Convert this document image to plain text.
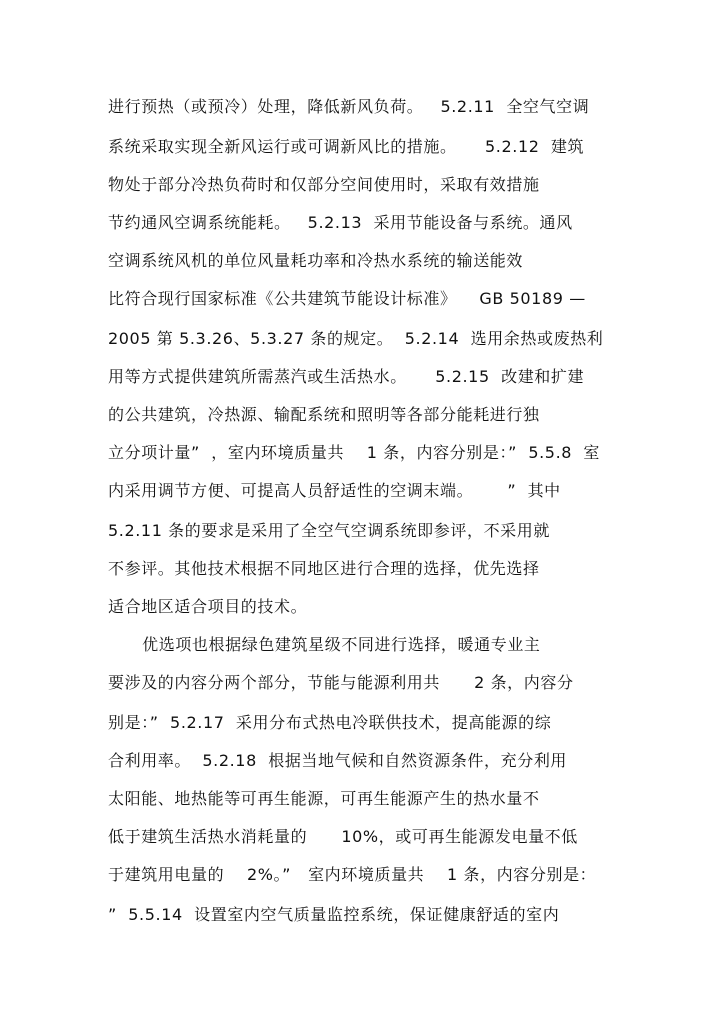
进行预热（或预冷）处理，降低新风负荷。   5.2.11  全空气空调
系统采取实现全新风运行或可调新风比的措施。     5.2.12  建筑
物处于部分冷热负荷时和仅部分空间使用时，采取有效措施
节约通风空调系统能耗。   5.2.13  采用节能设备与系统。通风
空调系统风机的单位风量耗功率和冷热水系统的输送能效
比符合现行国家标准《公共建筑节能设计标准》    GB 50189 —
2005 第 5.3.26、5.3.27 条的规定。  5.2.14  选用余热或废热利
用等方式提供建筑所需蒸汽或生活热水。     5.2.15  改建和扩建
的公共建筑，冷热源、输配系统和照明等各部分能耗进行独
立分项计量”  ，室内环境质量共    1 条，内容分别是：”  5.5.8  室
内采用调节方便、可提高人员舒适性的空调末端。      ”  其中
5.2.11 条的要求是采用了全空气空调系统即参评，不采用就
不参评。其他技术根据不同地区进行合理的选择，优先选择
适合地区适合项目的技术。
优选项也根据绿色建筑星级不同进行选择，暖通专业主
要涉及的内容分两个部分，节能与能源利用共      2 条，内容分
别是：”  5.2.17  采用分布式热电冷联供技术，提高能源的综
合利用率。  5.2.18  根据当地气候和自然资源条件，充分利用
太阳能、地热能等可再生能源，可再生能源产生的热水量不
低于建筑生活热水消耗量的      10%，或可再生能源发电量不低
于建筑用电量的    2%。”   室内环境质量共    1 条，内容分别是：
”  5.5.14  设置室内空气质量监控系统，保证健康舒适的室内
